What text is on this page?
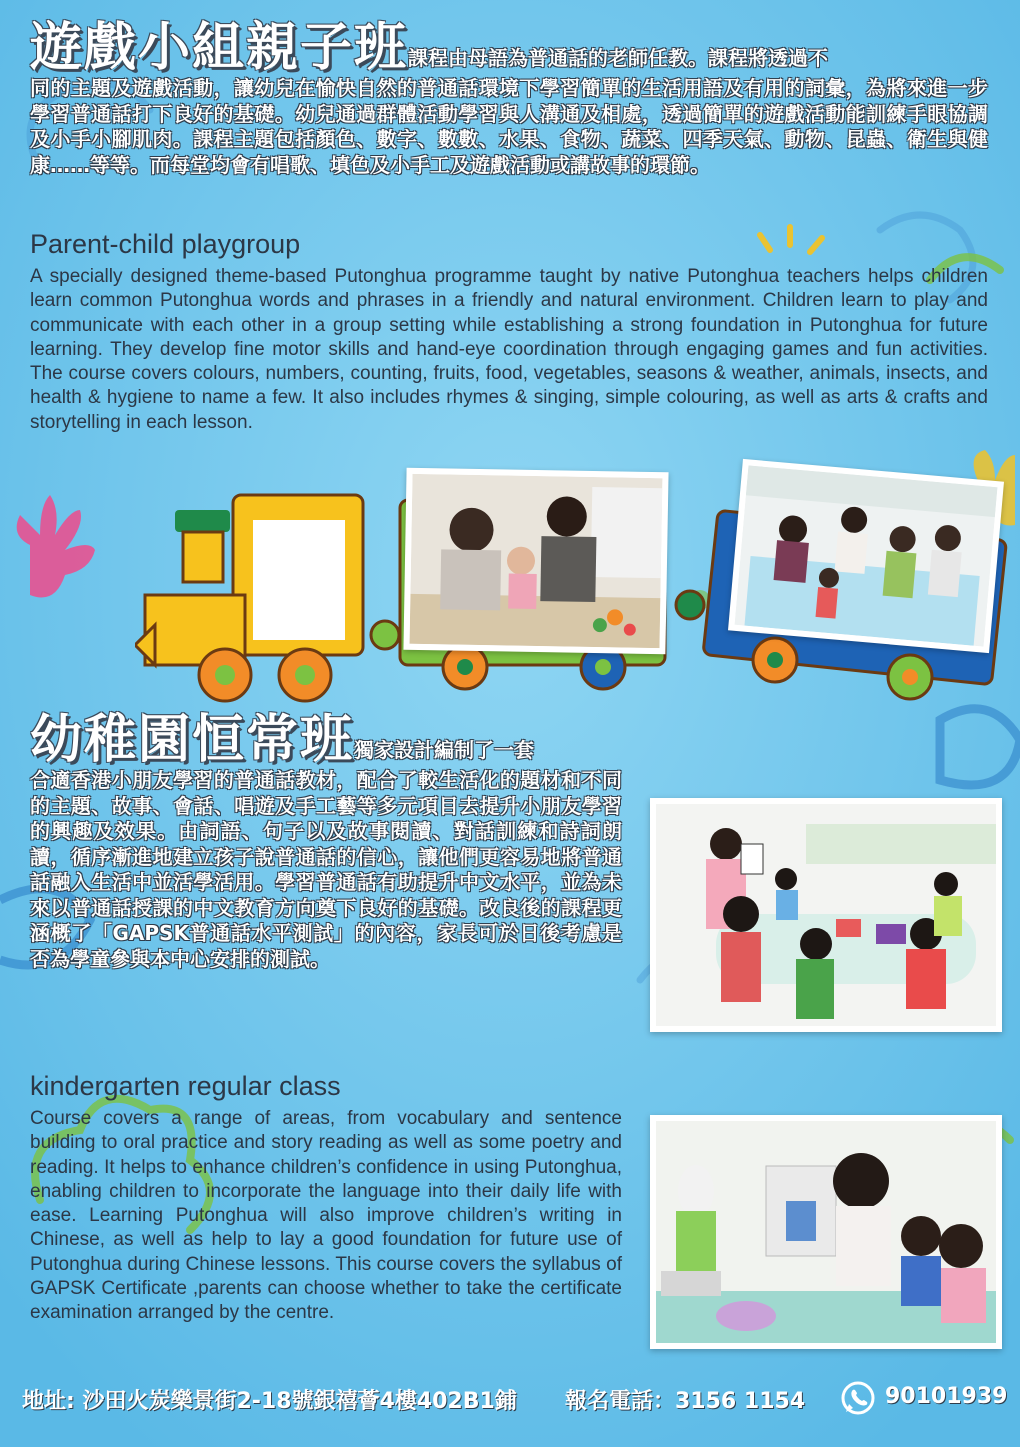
遊戲小組親子班課程由母語為普通話的老師任教。課程將透過不
同的主題及遊戲活動，讓幼兒在愉快自然的普通話環境下學習簡單的生活用語及有用的詞彙，為將來進一步學習普通話打下良好的基礎。幼兒通過群體活動學習與人溝通及相處，透過簡單的遊戲活動能訓練手眼協調及小手小腳肌肉。課程主題包括顏色、數字、數數、水果、食物、蔬菜、四季天氣、動物、昆蟲、衛生與健康……等等。而每堂均會有唱歌、填色及小手工及遊戲活動或講故事的環節。
Parent-child playgroup
A specially designed theme-based Putonghua programme taught by native Putonghua teachers helps children learn common Putonghua words and phrases in a friendly and natural environment. Children learn to play and communicate with each other in a group setting while establishing a strong foundation in Putonghua for future learning. They develop fine motor skills and hand-eye coordination through engaging games and fun activities. The course covers colours, numbers, counting, fruits, food, vegetables, seasons & weather, animals, insects, and health & hygiene to name a few. It also includes rhymes & singing, simple colouring, as well as arts & crafts and storytelling in each lesson.
幼稚園恒常班獨家設計編制了一套
合適香港小朋友學習的普通話教材，配合了較生活化的題材和不同的主題、故事、會話、唱遊及手工藝等多元項目去提升小朋友學習的興趣及效果。由詞語、句子以及故事閱讀、對話訓練和詩詞朗讀，循序漸進地建立孩子說普通話的信心，讓他們更容易地將普通話融入生活中並活學活用。學習普通話有助提升中文水平，並為未來以普通話授課的中文教育方向奠下良好的基礎。改良後的課程更涵概了「GAPSK普通話水平測試」的內容，家長可於日後考慮是否為學童參與本中心安排的測試。
kindergarten regular class
Course covers a range of areas, from vocabulary and sentence building to oral practice and story reading as well as some poetry and reading. It helps to enhance children’s confidence in using Putonghua, enabling children to incorporate the language into their daily life with ease. Learning Putonghua will also improve children’s writing in Chinese, as well as help to lay a good foundation for future use of Putonghua during Chinese lessons. This course covers the syllabus of GAPSK Certificate ,parents can choose whether to take the certificate examination arranged by the centre.
地址: 沙田火炭樂景街2-18號銀禧薈4樓402B1鋪 報名電話：3156 1154	90101939
